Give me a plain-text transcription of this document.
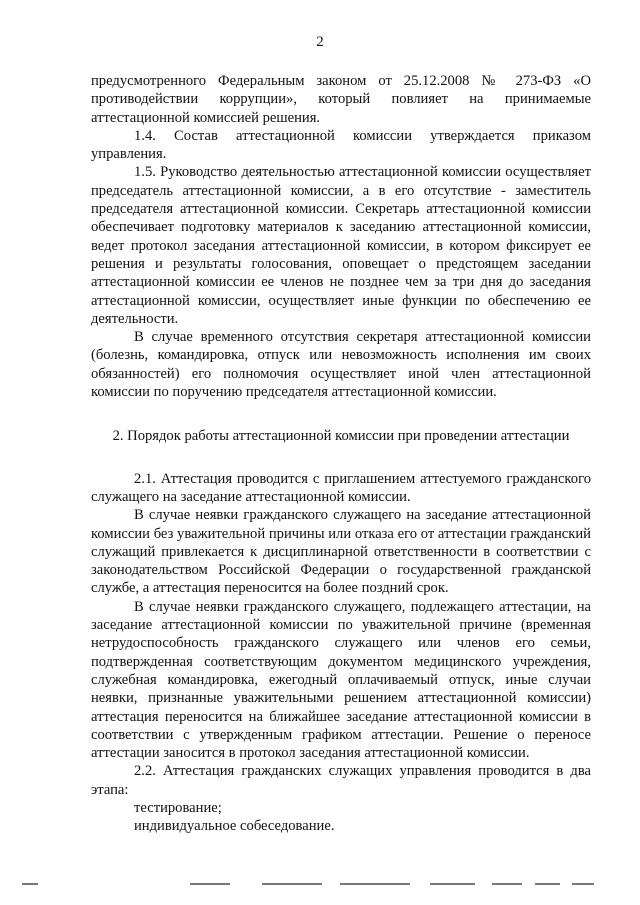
2

предусмотренного Федеральным законом от 25.12.2008 № 273-ФЗ «О противодействии коррупции», который повлияет на принимаемые аттестационной комиссией решения.

1.4. Состав аттестационной комиссии утверждается приказом управления.

1.5. Руководство деятельностью аттестационной комиссии осуществляет председатель аттестационной комиссии, а в его отсутствие - заместитель председателя аттестационной комиссии. Секретарь аттестационной комиссии обеспечивает подготовку материалов к заседанию аттестационной комиссии, ведет протокол заседания аттестационной комиссии, в котором фиксирует ее решения и результаты голосования, оповещает о предстоящем заседании аттестационной комиссии ее членов не позднее чем за три дня до заседания аттестационной комиссии, осуществляет иные функции по обеспечению ее деятельности.

В случае временного отсутствия секретаря аттестационной комиссии (болезнь, командировка, отпуск или невозможность исполнения им своих обязанностей) его полномочия осуществляет иной член аттестационной комиссии по поручению председателя аттестационной комиссии.

2. Порядок работы аттестационной комиссии при проведении аттестации

2.1. Аттестация проводится с приглашением аттестуемого гражданского служащего на заседание аттестационной комиссии.

В случае неявки гражданского служащего на заседание аттестационной комиссии без уважительной причины или отказа его от аттестации гражданский служащий привлекается к дисциплинарной ответственности в соответствии с законодательством Российской Федерации о государственной гражданской службе, а аттестация переносится на более поздний срок.

В случае неявки гражданского служащего, подлежащего аттестации, на заседание аттестационной комиссии по уважительной причине (временная нетрудоспособность гражданского служащего или членов его семьи, подтвержденная соответствующим документом медицинского учреждения, служебная командировка, ежегодный оплачиваемый отпуск, иные случаи неявки, признанные уважительными решением аттестационной комиссии) аттестация переносится на ближайшее заседание аттестационной комиссии в соответствии с утвержденным графиком аттестации. Решение о переносе аттестации заносится в протокол заседания аттестационной комиссии.

2.2. Аттестация гражданских служащих управления проводится в два этапа:

тестирование;

индивидуальное собеседование.
